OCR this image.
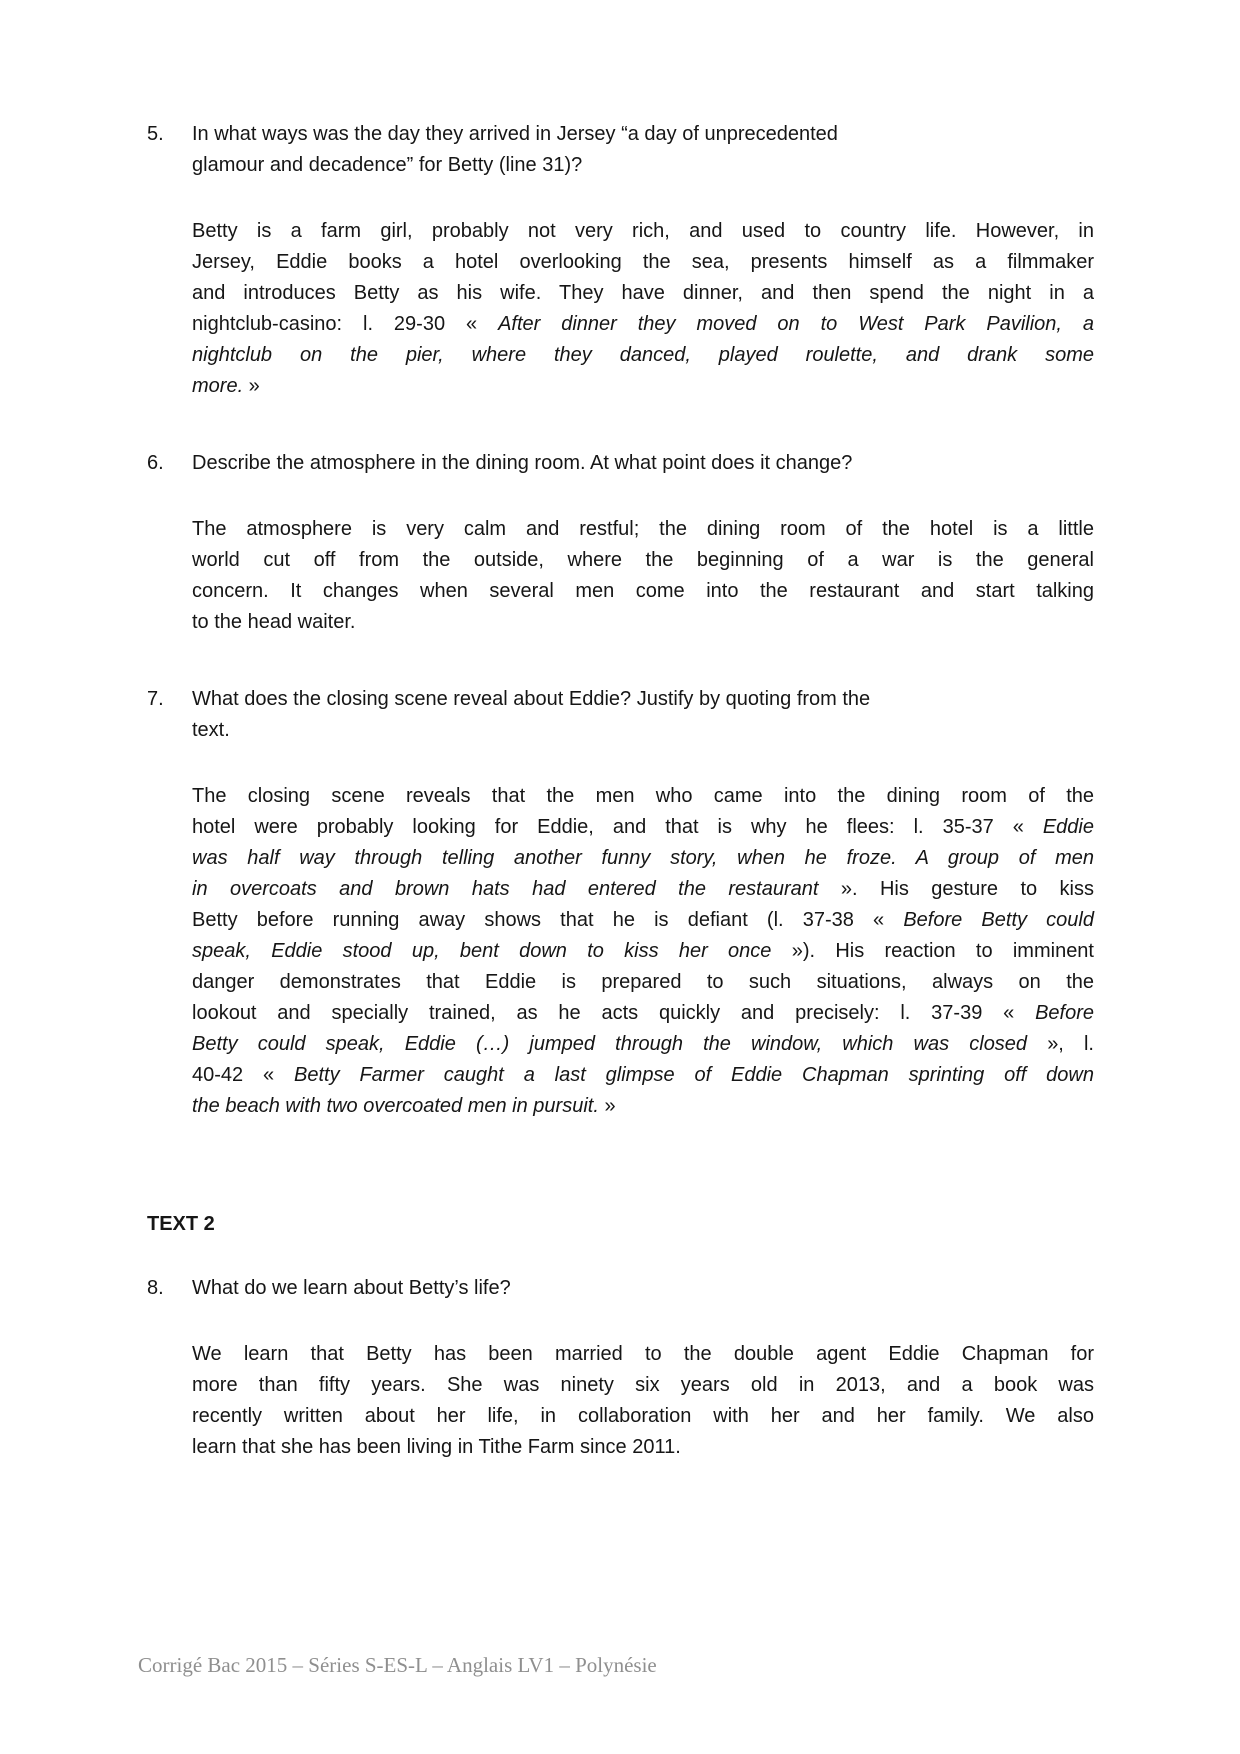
5.	In what ways was the day they arrived in Jersey “a day of unprecedented
glamour and decadence” for Betty (line 31)?
Betty is a farm girl, probably not very rich, and used to country life. However, in
Jersey, Eddie books a hotel overlooking the sea, presents himself as a filmmaker
and introduces Betty as his wife. They have dinner, and then spend the night in a
nightclub-casino: l. 29-30 « After dinner they moved on to West Park Pavilion, a
nightclub on the pier, where they danced, played roulette, and drank some
more. »
6.	Describe the atmosphere in the dining room. At what point does it change?
The atmosphere is very calm and restful; the dining room of the hotel is a little
world cut off from the outside, where the beginning of a war is the general
concern. It changes when several men come into the restaurant and start talking
to the head waiter.
7.	What does the closing scene reveal about Eddie? Justify by quoting from the
text.
The closing scene reveals that the men who came into the dining room of the
hotel were probably looking for Eddie, and that is why he flees: l. 35-37 « Eddie
was half way through telling another funny story, when he froze. A group of men
in overcoats and brown hats had entered the restaurant ». His gesture to kiss
Betty before running away shows that he is defiant (l. 37-38 « Before Betty could
speak, Eddie stood up, bent down to kiss her once »). His reaction to imminent
danger demonstrates that Eddie is prepared to such situations, always on the
lookout and specially trained, as he acts quickly and precisely: l. 37-39 « Before
Betty could speak, Eddie (…) jumped through the window, which was closed », l.
40-42 « Betty Farmer caught a last glimpse of Eddie Chapman sprinting off down
the beach with two overcoated men in pursuit. »
TEXT 2
8.	What do we learn about Betty’s life?
We learn that Betty has been married to the double agent Eddie Chapman for
more than fifty years. She was ninety six years old in 2013, and a book was
recently written about her life, in collaboration with her and her family. We also
learn that she has been living in Tithe Farm since 2011.
Corrigé Bac 2015 – Séries S-ES-L – Anglais LV1 – Polynésie
